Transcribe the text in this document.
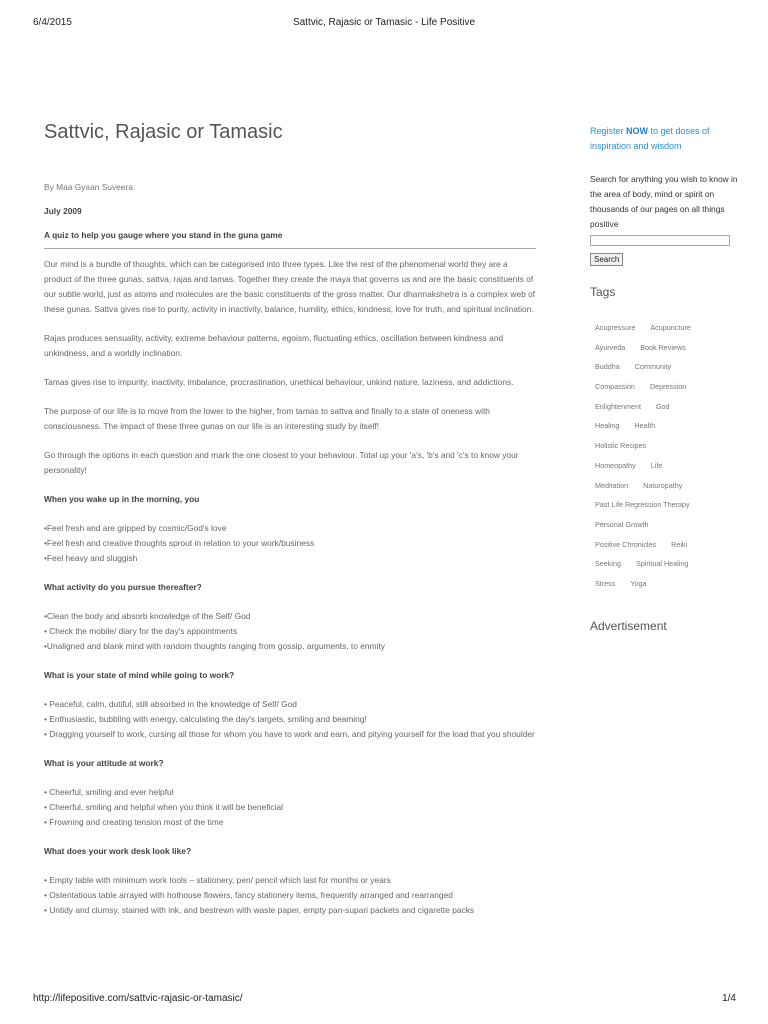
6/4/2015	Sattvic, Rajasic or Tamasic - Life Positive
Sattvic, Rajasic or Tamasic
By Maa Gyaan Suveera
July 2009
A quiz to help you gauge where you stand in the guna game

Our mind is a bundle of thoughts, which can be categorised into three types. Like the rest of the phenomenal world they are a product of the three gunas, sattva, rajas and tamas. Together they create the maya that governs us and are the basic constituents of our subtle world, just as atoms and molecules are the basic constituents of the gross matter. Our dharmakshetra is a complex web of these gunas. Sattva gives rise to purity, activity in inactivity, balance, humility, ethics, kindness, love for truth, and spiritual inclination.

Rajas produces sensuality, activity, extreme behaviour patterns, egoism, fluctuating ethics, oscillation between kindness and unkindness, and a worldly inclination.

Tamas gives rise to impurity, inactivity, imbalance, procrastination, unethical behaviour, unkind nature, laziness, and addictions.

The purpose of our life is to move from the lower to the higher, from tamas to sattva and finally to a state of oneness with consciousness. The impact of these three gunas on our life is an interesting study by itself!

Go through the options in each question and mark the one closest to your behaviour. Total up your 'a's, 'b's and 'c's to know your personality!

When you wake up in the morning, you
•Feel fresh and are gripped by cosmic/God's love
•Feel fresh and creative thoughts sprout in relation to your work/business
•Feel heavy and sluggish
What activity do you pursue thereafter?
•Clean the body and absorb knowledge of the Self/ God
• Check the mobile/ diary for the day's appointments
•Unaligned and blank mind with random thoughts ranging from gossip, arguments, to enmity
What is your state of mind while going to work?
• Peaceful, calm, dutiful, still absorbed in the knowledge of Self/ God
• Enthusiastic, bubbling with energy, calculating the day's targets, smiling and beaming!
• Dragging yourself to work, cursing all those for whom you have to work and earn, and pitying yourself for the load that you shoulder
What is your attitude at work?
• Cheerful, smiling and ever helpful
• Cheerful, smiling and helpful when you think it will be beneficial
• Frowning and creating tension most of the time
What does your work desk look like?
• Empty table with minimum work tools – stationery, pen/ pencil which last for months or years
• Ostentatious table arrayed with hothouse flowers, fancy stationery items, frequently arranged and rearranged
• Untidy and clumsy, stained with ink, and bestrewn with waste paper, empty pan-supari packets and cigarette packs
Register NOW to get doses of inspiration and wisdom
Search for anything you wish to know in the area of body, mind or spirit on thousands of our pages on all things positive
Search
Tags
Acupressure Acupuncture
Ayurveda Book Reviews
Buddha Community
Compassion Depression
Enlightenment God
Healing Health
Holistic Recipes
Homeopathy Life
Meditation Naturopathy
Past Life Regression Therapy
Personal Growth
Positive Chronicles Reiki
Seeking Spiritual Healing
Stress Yoga
Advertisement
http://lifepositive.com/sattvic-rajasic-or-tamasic/	1/4
